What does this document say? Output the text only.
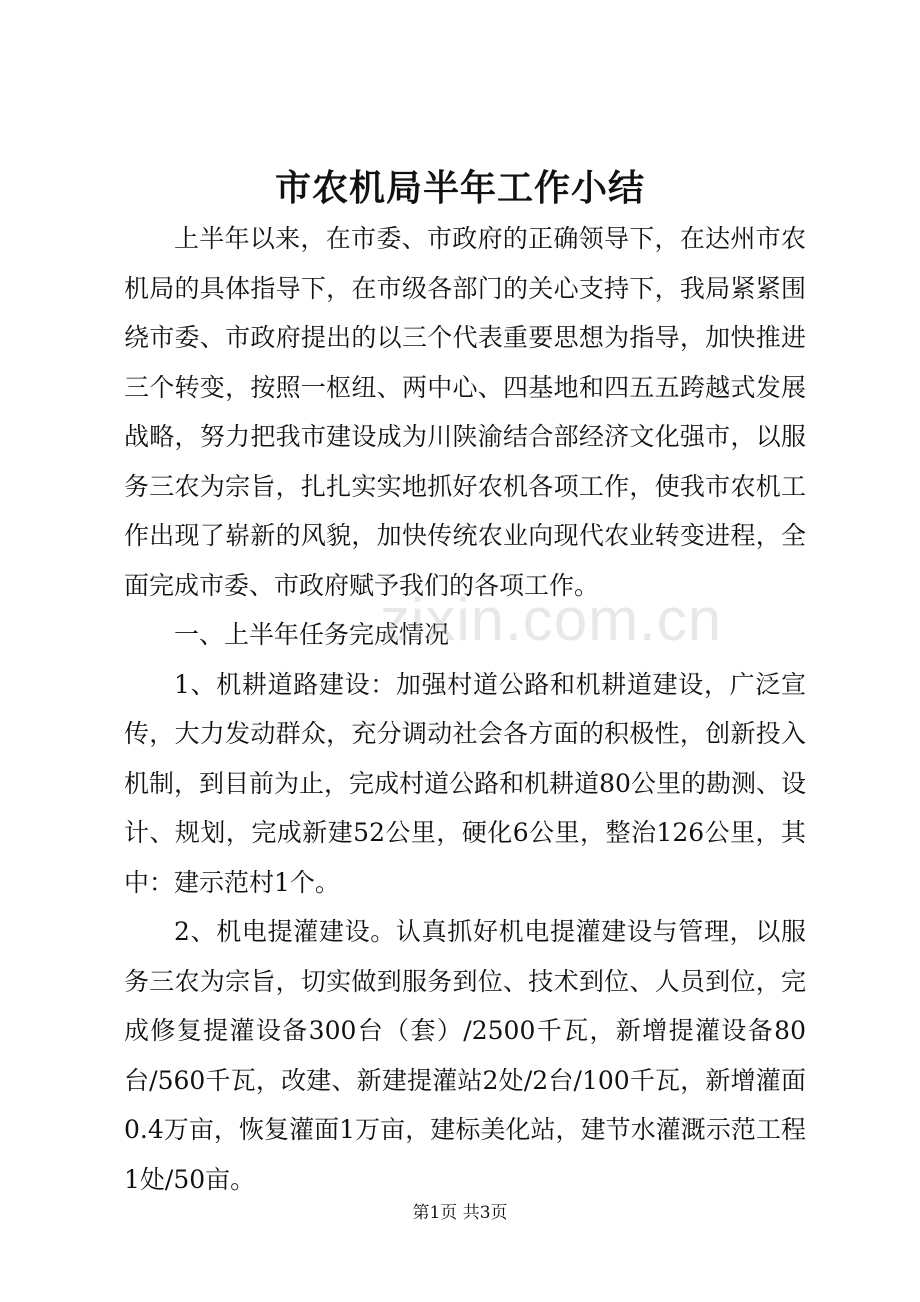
市农机局半年工作小结

上半年以来，在市委、市政府的正确领导下，在达州市农机局的具体指导下，在市级各部门的关心支持下，我局紧紧围绕市委、市政府提出的以三个代表重要思想为指导，加快推进三个转变，按照一枢纽、两中心、四基地和四五五跨越式发展战略，努力把我市建设成为川陕渝结合部经济文化强市，以服务三农为宗旨，扎扎实实地抓好农机各项工作，使我市农机工作出现了崭新的风貌，加快传统农业向现代农业转变进程，全面完成市委、市政府赋予我们的各项工作。

一、上半年任务完成情况

1、机耕道路建设：加强村道公路和机耕道建设，广泛宣传，大力发动群众，充分调动社会各方面的积极性，创新投入机制，到目前为止，完成村道公路和机耕道80公里的勘测、设计、规划，完成新建52公里，硬化6公里，整治126公里，其中：建示范村1个。

2、机电提灌建设。认真抓好机电提灌建设与管理，以服务三农为宗旨，切实做到服务到位、技术到位、人员到位，完成修复提灌设备300台（套）/2500千瓦，新增提灌设备80台/560千瓦，改建、新建提灌站2处/2台/100千瓦，新增灌面0.4万亩，恢复灌面1万亩，建标美化站，建节水灌溉示范工程1处/50亩。

zixin.com.cn
第1页 共3页
